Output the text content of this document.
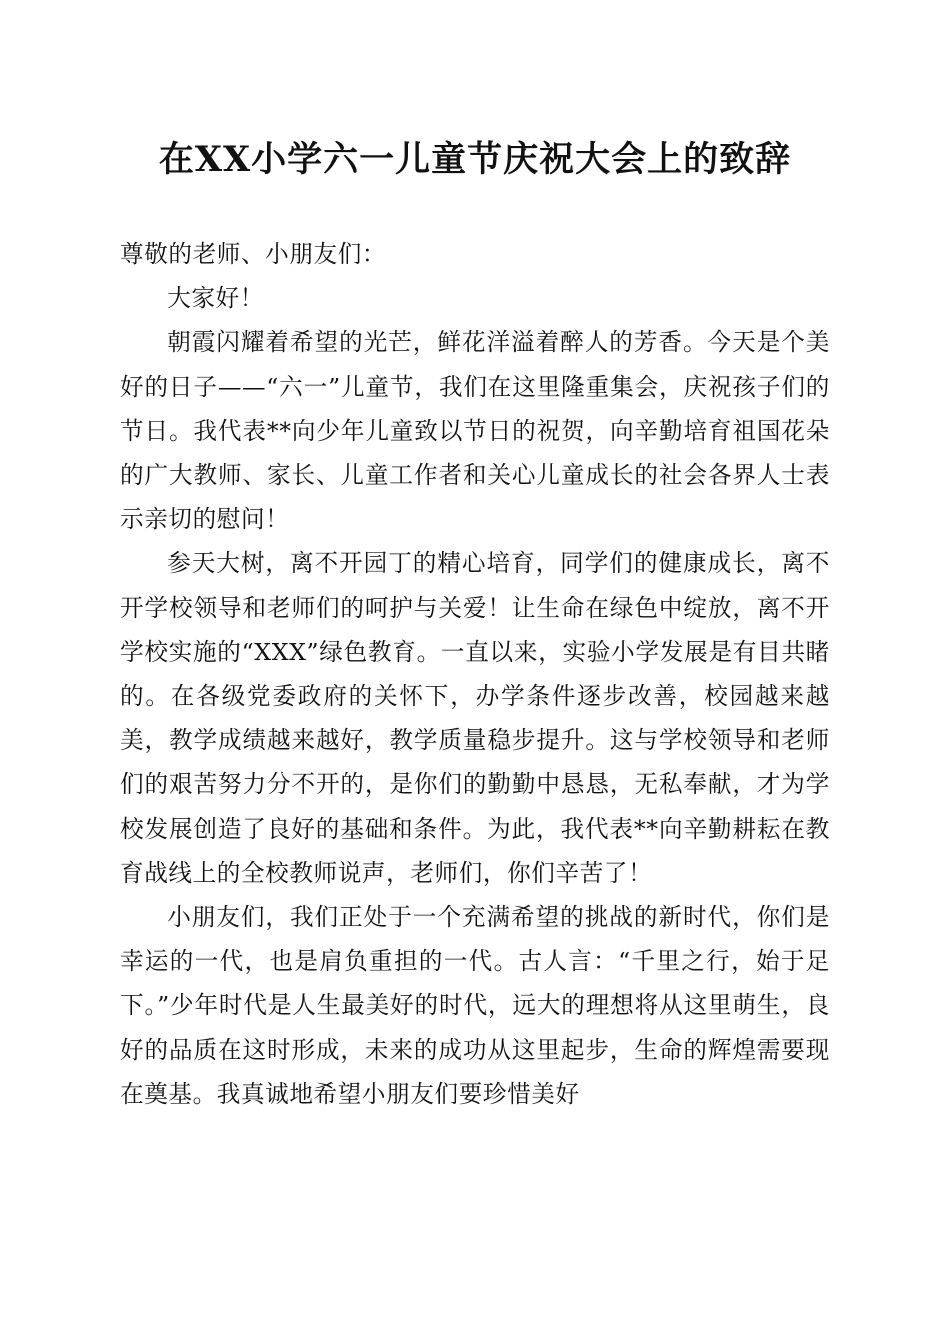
在XX小学六一儿童节庆祝大会上的致辞

尊敬的老师、小朋友们：

大家好！

朝霞闪耀着希望的光芒，鲜花洋溢着醉人的芳香。今天是个美好的日子——“六一”儿童节，我们在这里隆重集会，庆祝孩子们的节日。我代表**向少年儿童致以节日的祝贺，向辛勤培育祖国花朵的广大教师、家长、儿童工作者和关心儿童成长的社会各界人士表示亲切的慰问！

参天大树，离不开园丁的精心培育，同学们的健康成长，离不开学校领导和老师们的呵护与关爱！让生命在绿色中绽放，离不开学校实施的“XXX”绿色教育。一直以来，实验小学发展是有目共睹的。在各级党委政府的关怀下，办学条件逐步改善，校园越来越美，教学成绩越来越好，教学质量稳步提升。这与学校领导和老师们的艰苦努力分不开的，是你们的勤勤中恳恳，无私奉献，才为学校发展创造了良好的基础和条件。为此，我代表**向辛勤耕耘在教育战线上的全校教师说声，老师们，你们辛苦了！

小朋友们，我们正处于一个充满希望的挑战的新时代，你们是幸运的一代，也是肩负重担的一代。古人言：“千里之行，始于足下。”少年时代是人生最美好的时代，远大的理想将从这里萌生，良好的品质在这时形成，未来的成功从这里起步，生命的辉煌需要现在奠基。我真诚地希望小朋友们要珍惜美好
